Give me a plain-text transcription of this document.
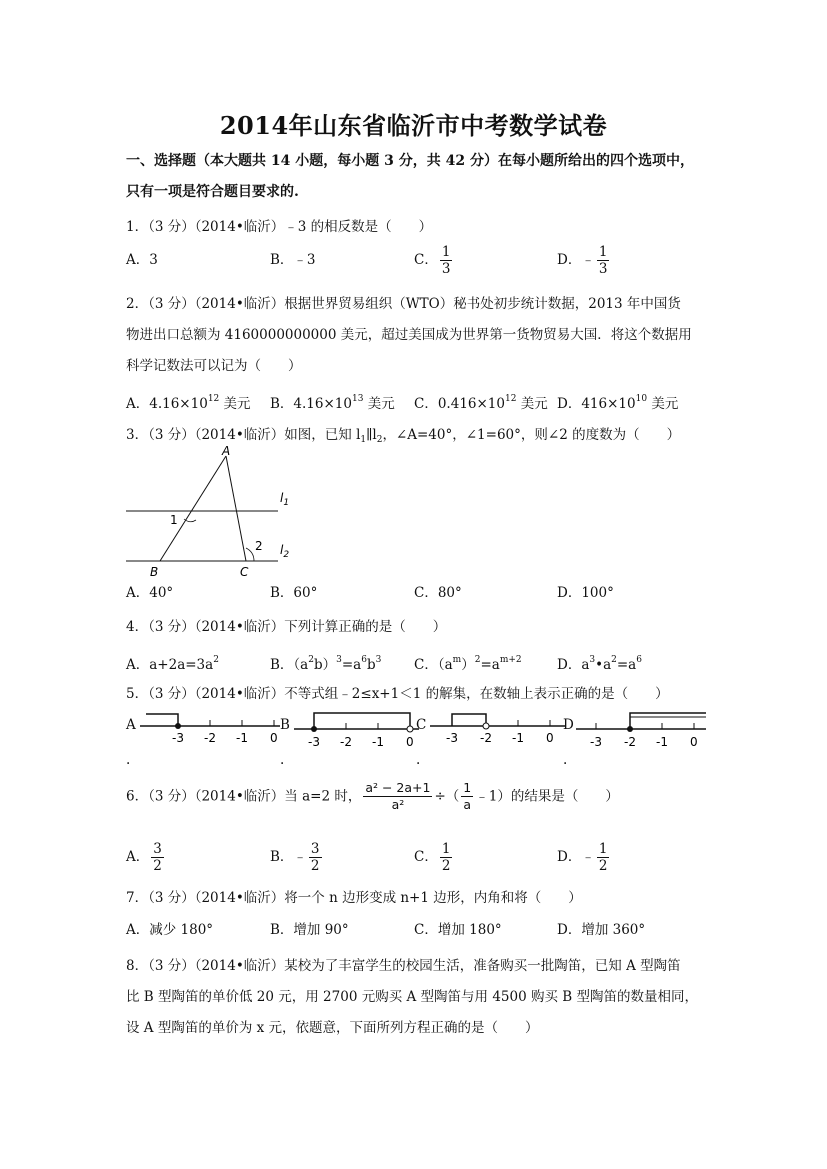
2014年山东省临沂市中考数学试卷
一、选择题（本大题共 14 小题，每小题 3 分，共 42 分）在每小题所给出的四个选项中，
只有一项是符合题目要求的.
1．（3 分）（2014•临沂）﹣3 的相反数是（　　）
A．3	B．﹣3	C． $\frac{1}{3}$	D．﹣ $\frac{1}{3}$
2．（3 分）（2014•临沂）根据世界贸易组织（WTO）秘书处初步统计数据，2013 年中国货
物进出口总额为 4160000000000 美元，超过美国成为世界第一货物贸易大国．将这个数据用
科学记数法可以记为（　　）
A．$4.16\times 10^{12}$ 美元 B．$4.16\times 10^{13}$ 美元 C．$0.416\times 10^{12}$ 美元 D．$416\times 10^{10}$ 美元
3．（3 分）（2014•临沂）如图，已知 $l_1\parallel l_2$，∠A=40°，∠1=60°，则∠2 的度数为（　　）
A
B	C
1
2
$l_1$
$l_2$
A．40°	B．60°	C．80°	D．100°
4．（3 分）（2014•临沂）下列计算正确的是（　　）
A．$a+2a=3a^2$	B．$(a^2b)^3=a^6b^3$ C．$(a^m)^2=a^{m+2}$	D．$a^3•a^2=a^6$
5．（3 分）（2014•临沂）不等式组﹣2≤x+1＜1 的解集，在数轴上表示正确的是（　　）
A
.
-3 -2 -1 0
B
.
-3 -2 -1 0
C
.
-3 -2 -1 0
D
.
-3 -2 -1 0
6．（3 分）（2014•临沂）当 a=2 时， $\frac{\text{a² − 2a+1}}{\text{a²}}$ ÷（ $\frac{1}{a}$ ﹣1）的结果是（　　）
A． $\frac{3}{2}$	B．﹣ $\frac{3}{2}$	C． $\frac{1}{2}$	D．﹣ $\frac{1}{2}$
7．（3 分）（2014•临沂）将一个 n 边形变成 n+1 边形，内角和将（　　）
A．减少 180°	B．增加 90°	C．增加 180°	D．增加 360°
8．（3 分）（2014•临沂）某校为了丰富学生的校园生活，准备购买一批陶笛，已知 A 型陶笛
比 B 型陶笛的单价低 20 元，用 2700 元购买 A 型陶笛与用 4500 购买 B 型陶笛的数量相同，
设 A 型陶笛的单价为 x 元，依题意，下面所列方程正确的是（　　）
